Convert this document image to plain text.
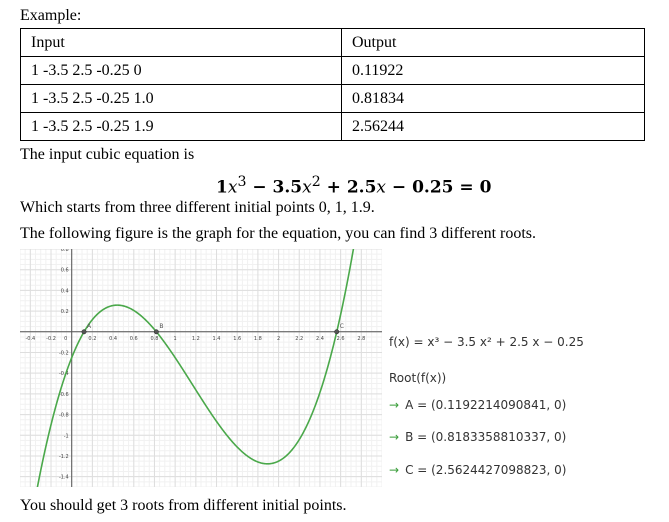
Example:
Input	Output
1 -3.5 2.5 -0.25 0	0.11922
1 -3.5 2.5 -0.25 1.0	0.81834
1 -3.5 2.5 -0.25 1.9	2.56244
The input cubic equation is
$1x^3 - 3.5x^2 + 2.5x - 0.25 = 0$
Which starts from three different initial points 0, 1, 1.9.
The following figure is the graph for the equation, you can find 3 different roots.
-0.4 -0.2 0	0.2	0.4	0.6	0.8	1	1.2	1.4	1.6	1.8	2	2.2	2.4	2.6	2.8
0.8
0.6
0.4
0.2
-0.2
-0.4
-0.6
-0.8
-1
-1.2
-1.4
A	B	C
f(x) = x³ − 3.5 x² + 2.5 x − 0.25
Root(f(x))
→ A = (0.1192214090841, 0)
→ B = (0.8183358810337, 0)
→ C = (2.5624427098823, 0)
You should get 3 roots from different initial points.
